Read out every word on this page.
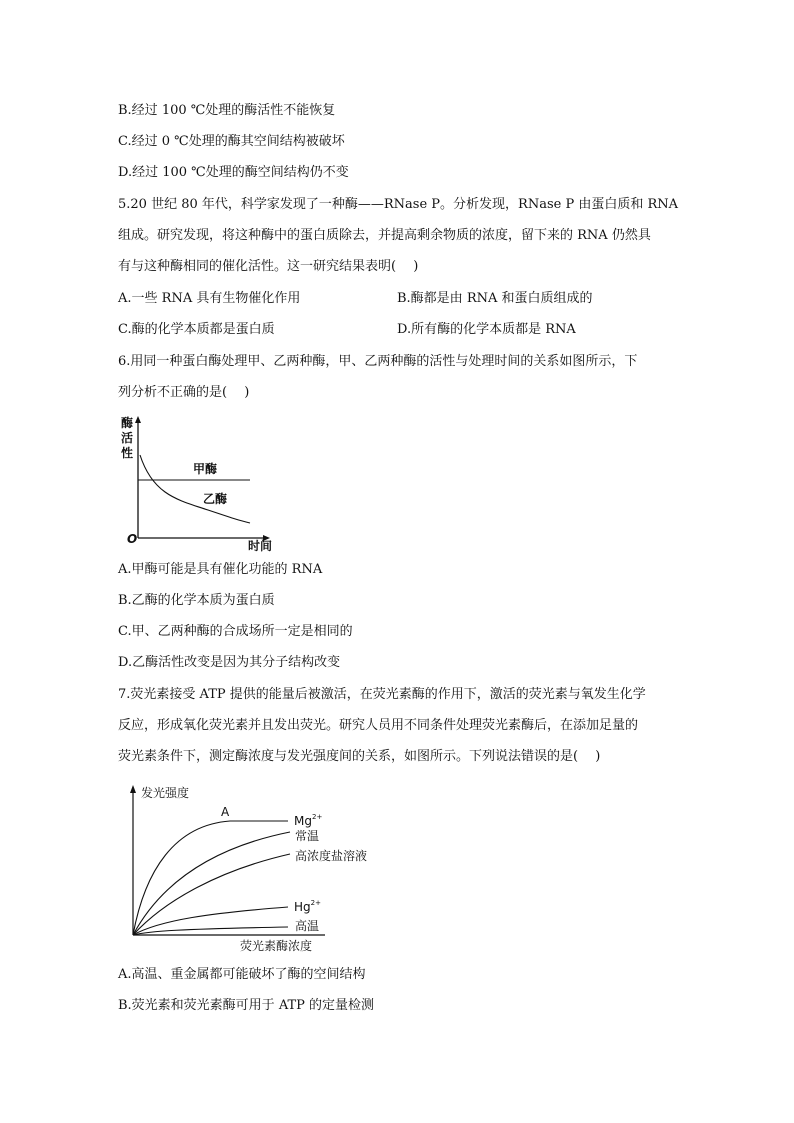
B.经过 100 ℃处理的酶活性不能恢复
C.经过 0 ℃处理的酶其空间结构被破坏
D.经过 100 ℃处理的酶空间结构仍不变
5.20 世纪 80 年代，科学家发现了一种酶——RNase P。分析发现，RNase P 由蛋白质和 RNA
组成。研究发现，将这种酶中的蛋白质除去，并提高剩余物质的浓度，留下来的 RNA 仍然具
有与这种酶相同的催化活性。这一研究结果表明(　 )
A.一些 RNA 具有生物催化作用	B.酶都是由 RNA 和蛋白质组成的
C.酶的化学本质都是蛋白质	D.所有酶的化学本质都是 RNA
6.用同一种蛋白酶处理甲、乙两种酶，甲、乙两种酶的活性与处理时间的关系如图所示，下
列分析不正确的是(　 )
酶
活
性
O	时间
甲酶
乙酶
A.甲酶可能是具有催化功能的 RNA
B.乙酶的化学本质为蛋白质
C.甲、乙两种酶的合成场所一定是相同的
D.乙酶活性改变是因为其分子结构改变
7.荧光素接受 ATP 提供的能量后被激活，在荧光素酶的作用下，激活的荧光素与氧发生化学
反应，形成氧化荧光素并且发出荧光。研究人员用不同条件处理荧光素酶后，在添加足量的
荧光素条件下，测定酶浓度与发光强度间的关系，如图所示。下列说法错误的是(　 )
发光强度
荧光素酶浓度
A
$Mg^{2+}$
常温
高浓度盐溶液
$Hg^{2+}$
高温
A.高温、重金属都可能破坏了酶的空间结构
B.荧光素和荧光素酶可用于 ATP 的定量检测
